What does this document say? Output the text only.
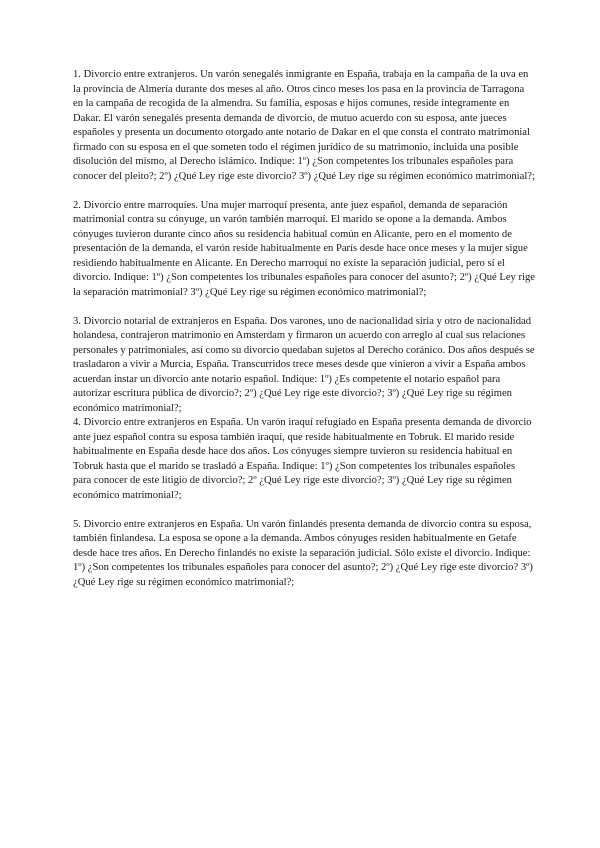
1. Divorcio entre extranjeros. Un varón senegalés inmigrante en España, trabaja en la campaña de la uva en la provincia de Almería durante dos meses al año. Otros cinco meses los pasa en la provincia de Tarragona en la campaña de recogida de la almendra. Su familia, esposas e hijos comunes, reside íntegramente en Dakar. El varón senegalés presenta demanda de divorcio, de mutuo acuerdo con su esposa, ante jueces españoles y presenta un documento otorgado ante notario de Dakar en el que consta el contrato matrimonial firmado con su esposa en el que someten todo el régimen jurídico de su matrimonio, incluida una posible disolución del mismo, al Derecho islámico. Indique: 1º) ¿Son competentes los tribunales españoles para conocer del pleito?; 2º) ¿Qué Ley rige este divorcio? 3º) ¿Qué Ley rige su régimen económico matrimonial?;

2. Divorcio entre marroquíes. Una mujer marroquí presenta, ante juez español, demanda de separación matrimonial contra su cónyuge, un varón también marroquí. El marido se opone a la demanda. Ambos cónyuges tuvieron durante cinco años su residencia habitual común en Alicante, pero en el momento de presentación de la demanda, el varón reside habitualmente en París desde hace once meses y la mujer sigue residiendo habitualmente en Alicante. En Derecho marroquí no existe la separación judicial, pero sí el divorcio. Indique: 1º) ¿Son competentes los tribunales españoles para conocer del asunto?; 2º) ¿Qué Ley rige la separación matrimonial? 3º) ¿Qué Ley rige su régimen económico matrimonial?;

3. Divorcio notarial de extranjeros en España. Dos varones, uno de nacionalidad siria y otro de nacionalidad holandesa, contrajeron matrimonio en Amsterdam y firmaron un acuerdo con arreglo al cual sus relaciones personales y patrimoniales, así como su divorcio quedaban sujetos al Derecho coránico. Dos años después se trasladaron a vivir a Murcia, España. Transcurridos trece meses desde que vinieron a vivir a España ambos acuerdan instar un divorcio ante notario español. Indique: 1º) ¿Es competente el notario español para autorizar escritura pública de divorcio?; 2º) ¿Qué Ley rige este divorcio?; 3º) ¿Qué Ley rige su régimen económico matrimonial?;

4. Divorcio entre extranjeros en España. Un varón iraquí refugiado en España presenta demanda de divorcio ante juez español contra su esposa también iraquí, que reside habitualmente en Tobruk. El marido reside habitualmente en España desde hace dos años. Los cónyuges siempre tuvieron su residencia habitual en Tobruk hasta que el marido se trasladó a España. Indique: 1º) ¿Son competentes los tribunales españoles para conocer de este litigio de divorcio?; 2º ¿Qué Ley rige este divorcio?; 3º) ¿Qué Ley rige su régimen económico matrimonial?;

5. Divorcio entre extranjeros en España. Un varón finlandés presenta demanda de divorcio contra su esposa, también finlandesa. La esposa se opone a la demanda. Ambos cónyuges residen habitualmente en Getafe desde hace tres años. En Derecho finlandés no existe la separación judicial. Sólo existe el divorcio. Indique: 1º) ¿Son competentes los tribunales españoles para conocer del asunto?; 2º) ¿Qué Ley rige este divorcio? 3º) ¿Qué Ley rige su régimen económico matrimonial?;
